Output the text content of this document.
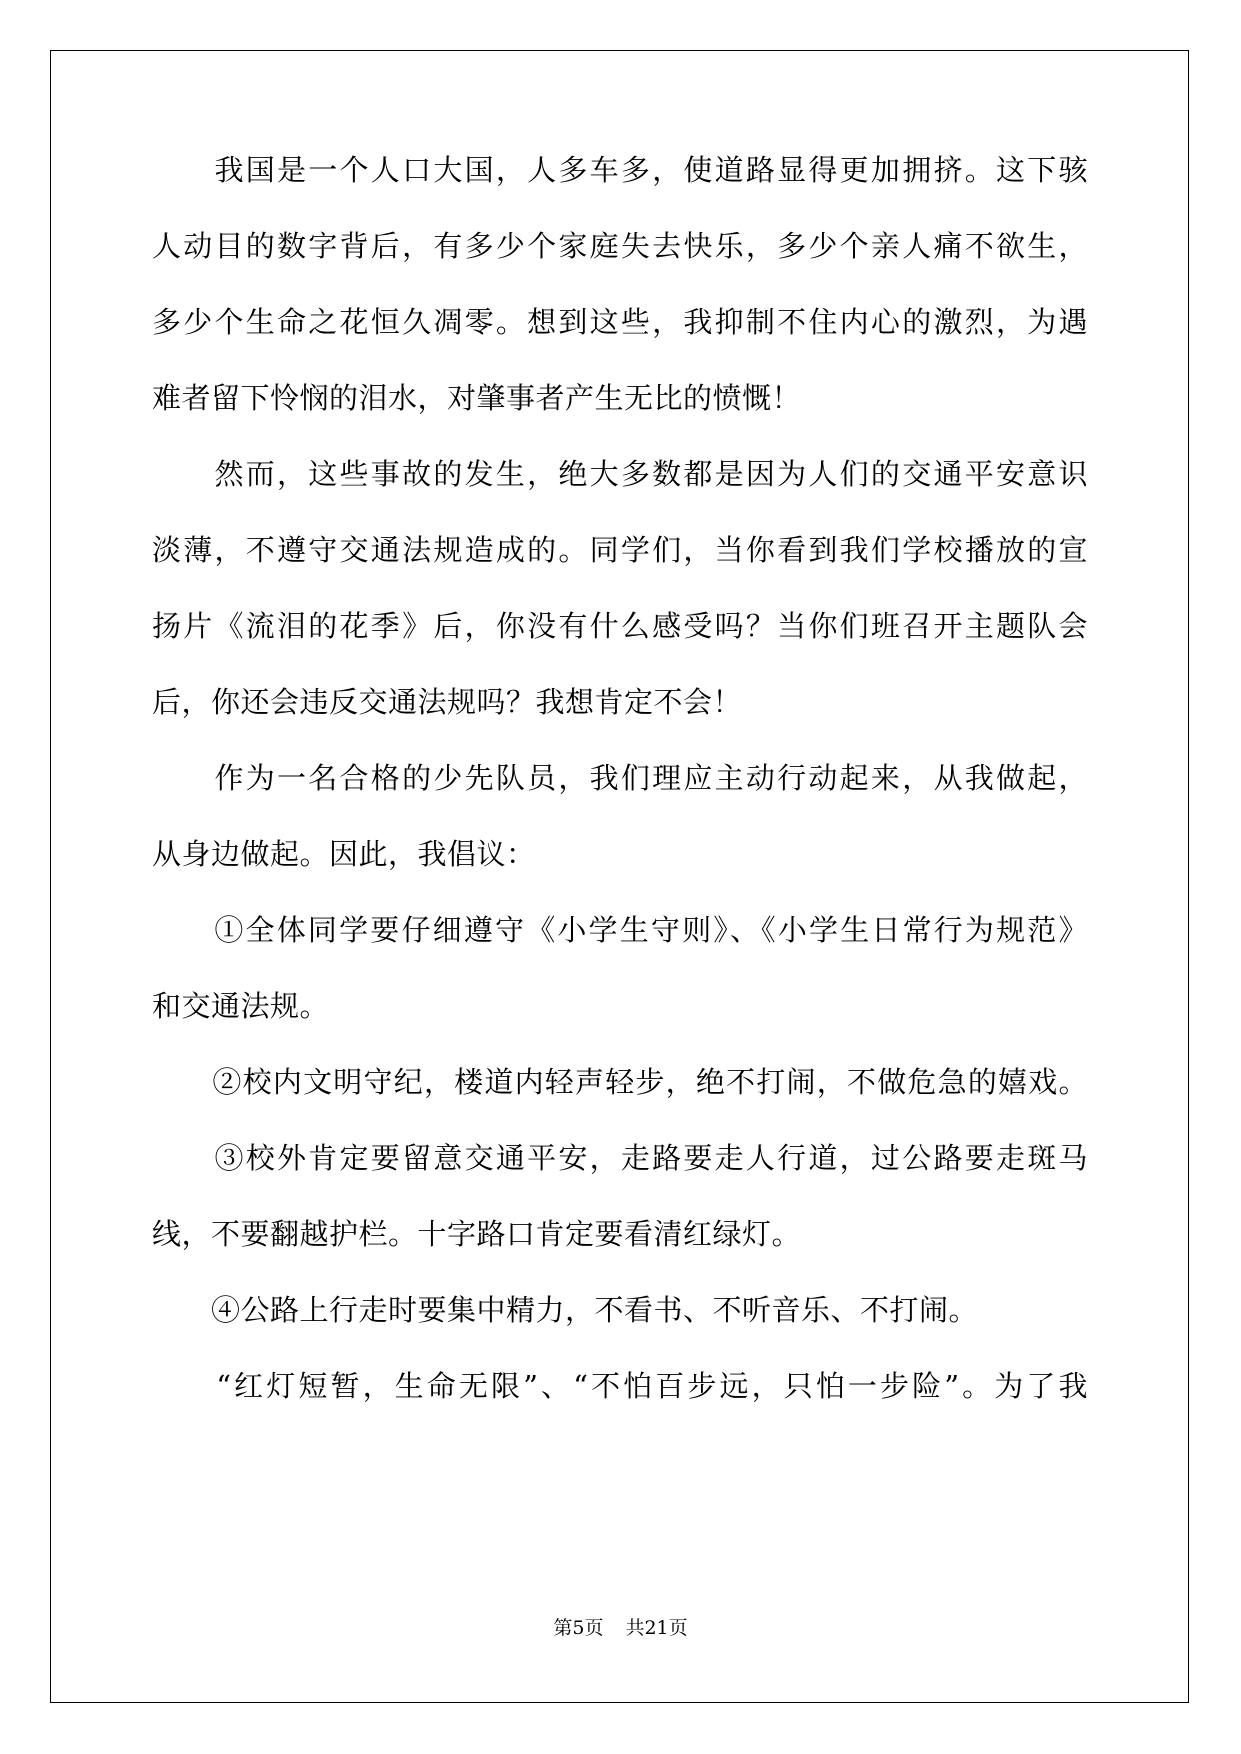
　　我国是一个人口大国，人多车多，使道路显得更加拥挤。这下骇
人动目的数字背后，有多少个家庭失去快乐，多少个亲人痛不欲生，
多少个生命之花恒久凋零。想到这些，我抑制不住内心的激烈，为遇
难者留下怜悯的泪水，对肇事者产生无比的愤慨！
　　然而，这些事故的发生，绝大多数都是因为人们的交通平安意识
淡薄，不遵守交通法规造成的。同学们，当你看到我们学校播放的宣
扬片《流泪的花季》后，你没有什么感受吗？当你们班召开主题队会
后，你还会违反交通法规吗？我想肯定不会！
　　作为一名合格的少先队员，我们理应主动行动起来，从我做起，
从身边做起。因此，我倡议：
　　①全体同学要仔细遵守《小学生守则》、《小学生日常行为规范》
和交通法规。
　　②校内文明守纪，楼道内轻声轻步，绝不打闹，不做危急的嬉戏。
　　③校外肯定要留意交通平安，走路要走人行道，过公路要走斑马
线，不要翻越护栏。十字路口肯定要看清红绿灯。
　　④公路上行走时要集中精力，不看书、不听音乐、不打闹。
　　“红灯短暂，生命无限”、“不怕百步远，只怕一步险”。为了我
第5页 共21页
